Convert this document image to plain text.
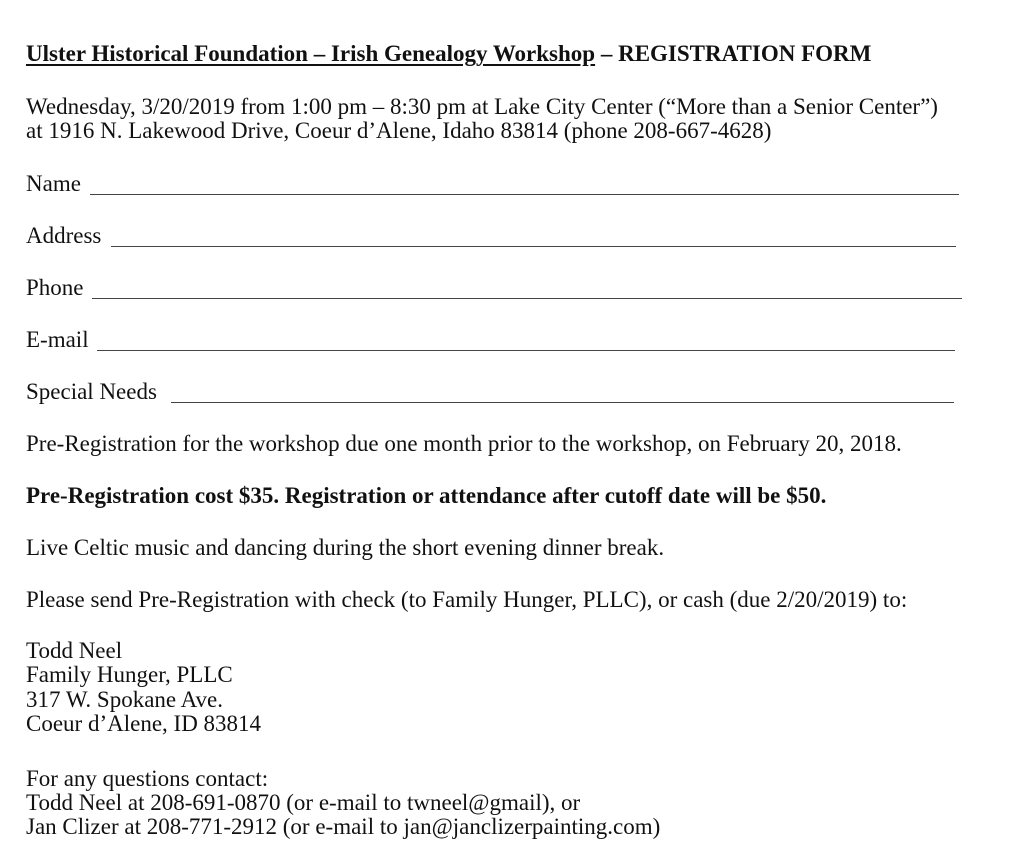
Ulster Historical Foundation – Irish Genealogy Workshop – REGISTRATION FORM
Wednesday, 3/20/2019 from 1:00 pm – 8:30 pm at Lake City Center (“More than a Senior Center”)
at 1916 N. Lakewood Drive, Coeur d’Alene, Idaho 83814 (phone 208-667-4628)
Name
Address
Phone
E-mail
Special Needs
Pre-Registration for the workshop due one month prior to the workshop, on February 20, 2018.
Pre-Registration cost $35. Registration or attendance after cutoff date will be $50.
Live Celtic music and dancing during the short evening dinner break.
Please send Pre-Registration with check (to Family Hunger, PLLC), or cash (due 2/20/2019) to:
Todd Neel
Family Hunger, PLLC
317 W. Spokane Ave.
Coeur d’Alene, ID 83814
For any questions contact:
Todd Neel at 208-691-0870 (or e-mail to twneel@gmail), or
Jan Clizer at 208-771-2912 (or e-mail to jan@janclizerpainting.com)
